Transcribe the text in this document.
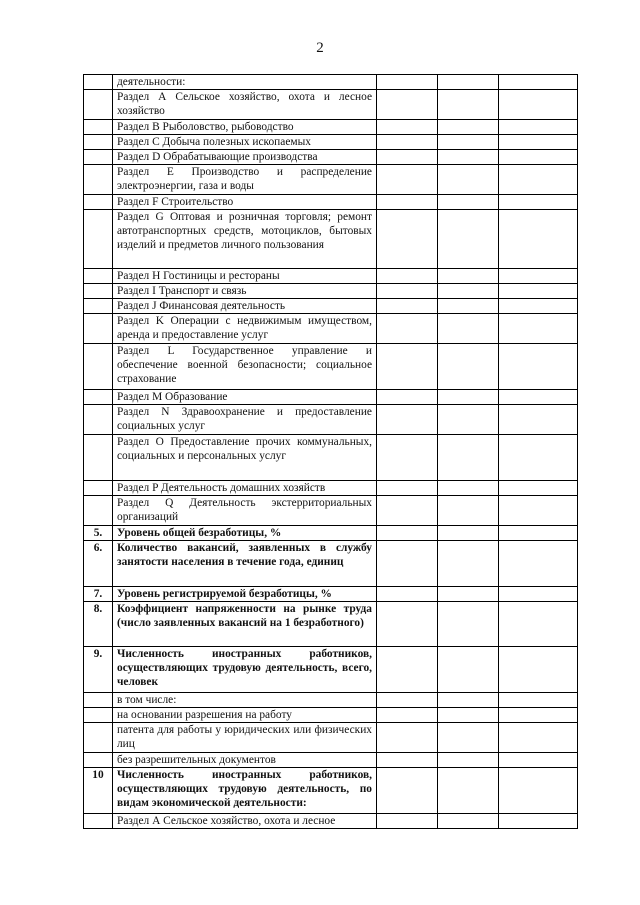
2
	деятельности:			
	Раздел А Сельское хозяйство, охота и лесное хозяйство			
	Раздел B Рыболовство, рыбоводство			
	Раздел C Добыча полезных ископаемых			
	Раздел D Обрабатывающие производства			
	Раздел E Производство и распределение электроэнергии, газа и воды			
	Раздел F Строительство			
	Раздел G Оптовая и розничная торговля; ремонт автотранспортных средств, мотоциклов, бытовых изделий и предметов личного пользования			
	Раздел H Гостиницы и рестораны			
	Раздел I Транспорт и связь			
	Раздел J Финансовая деятельность			
	Раздел K Операции с недвижимым имуществом, аренда и предоставление услуг			
	Раздел L Государственное управление и обеспечение военной безопасности; социальное страхование			
	Раздел M Образование			
	Раздел N Здравоохранение и предоставление социальных услуг			
	Раздел O Предоставление прочих коммунальных, социальных и персональных услуг			
	Раздел P Деятельность домашних хозяйств			
	Раздел Q Деятельность экстерриториальных организаций			
5.	Уровень общей безработицы, %			
6.	Количество вакансий, заявленных в службу занятости населения в течение года, единиц			
7.	Уровень регистрируемой безработицы, %			
8.	Коэффициент напряженности на рынке труда (число заявленных вакансий на 1 безработного)			
9.	Численность иностранных работников, осуществляющих трудовую деятельность, всего, человек			
	в том числе:			
	на основании разрешения на работу			
	патента для работы у юридических или физических лиц			
	без разрешительных документов			
10	Численность иностранных работников, осуществляющих трудовую деятельность, по видам экономической деятельности:			
	Раздел А Сельское хозяйство, охота и лесное			
